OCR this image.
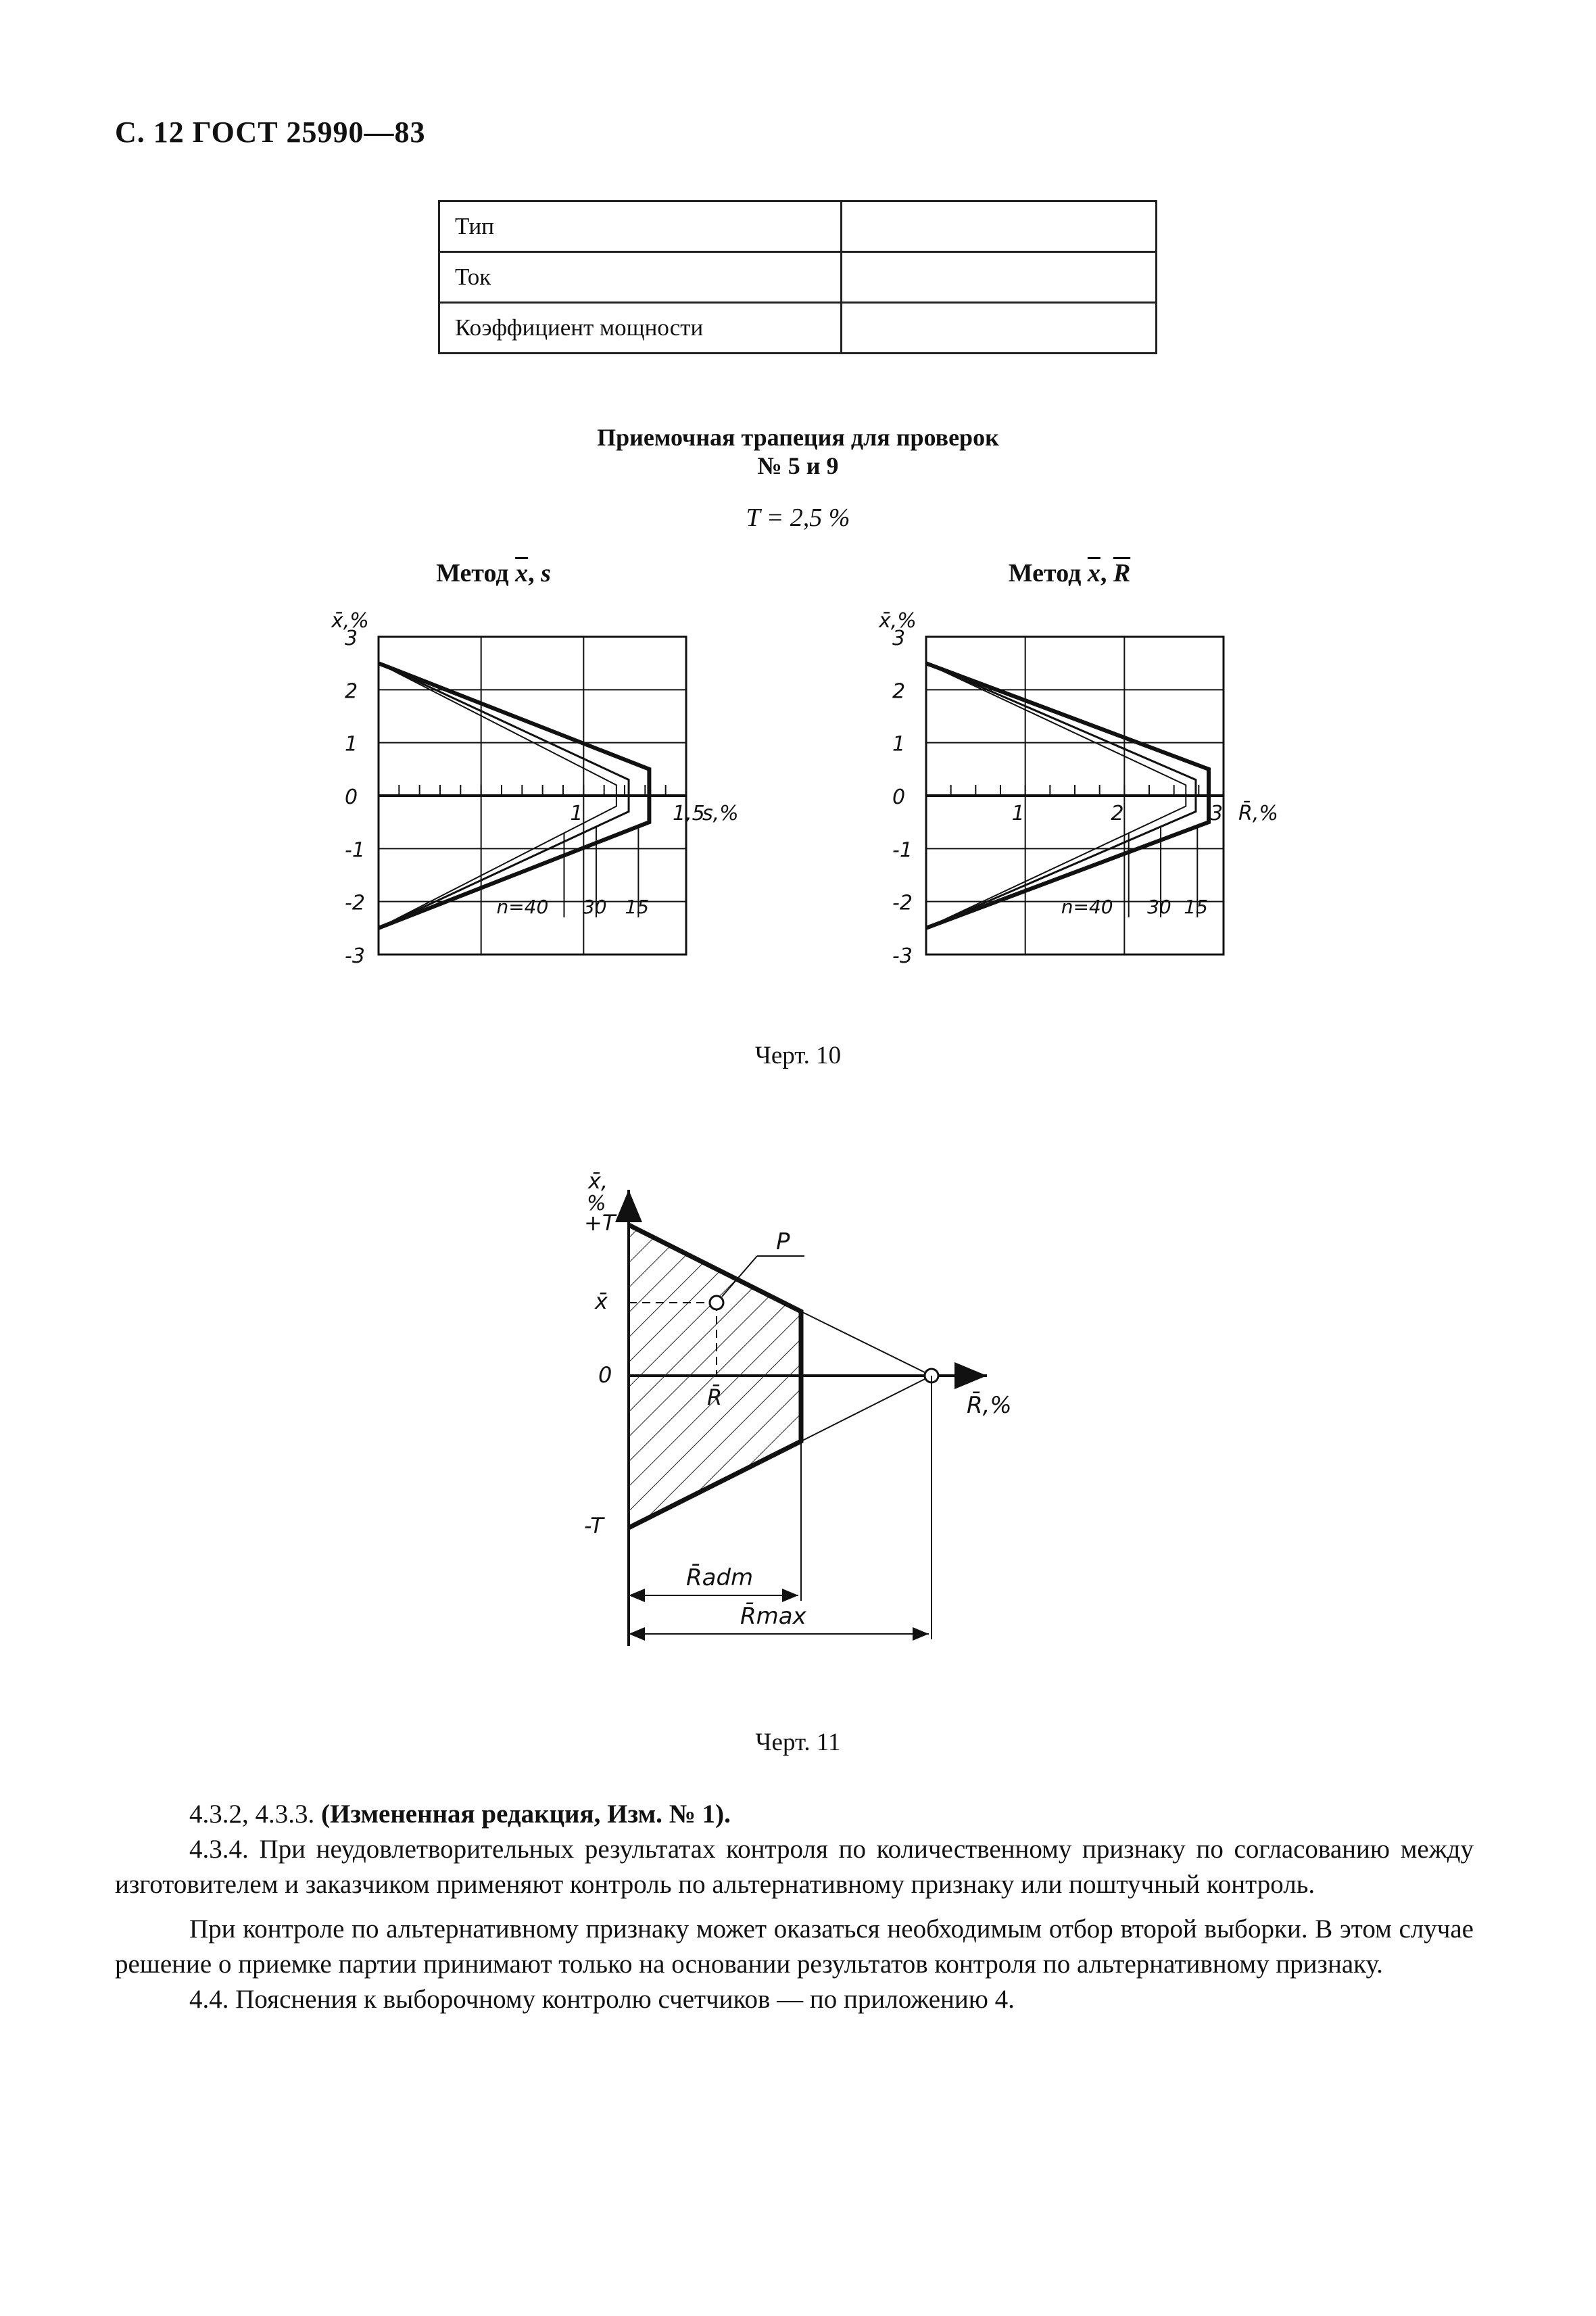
С. 12 ГОСТ 25990—83
Тип	
Ток	
Коэффициент мощности	
Приемочная трапеция для проверок
№ 5 и 9
T = 2,5 %
Метод $\overline{x}$, s	Метод $\overline{x}$, $\overline{R}$
3
2
1
0
-1
-2
-3
x̄,%
1	1,5
s,%
n=40 30 15
3
2
1
0
-1
-2
-3
x̄,%
1	2	3 R̄,%
n=40 30 15
Черт. 10
x̄,
%
+T
x̄
0
-T
P
R̄	R̄,%
R̄adm
R̄max
Черт. 11

4.3.2, 4.3.3. (Измененная редакция, Изм. № 1).

4.3.4. При неудовлетворительных результатах контроля по количественному признаку по согласованию между изготовителем и заказчиком применяют контроль по альтернативному признаку или поштучный контроль.

При контроле по альтернативному признаку может оказаться необходимым отбор второй выборки. В этом случае решение о приемке партии принимают только на основании результатов контроля по альтернативному признаку.

4.4. Пояснения к выборочному контролю счетчиков — по приложению 4.
